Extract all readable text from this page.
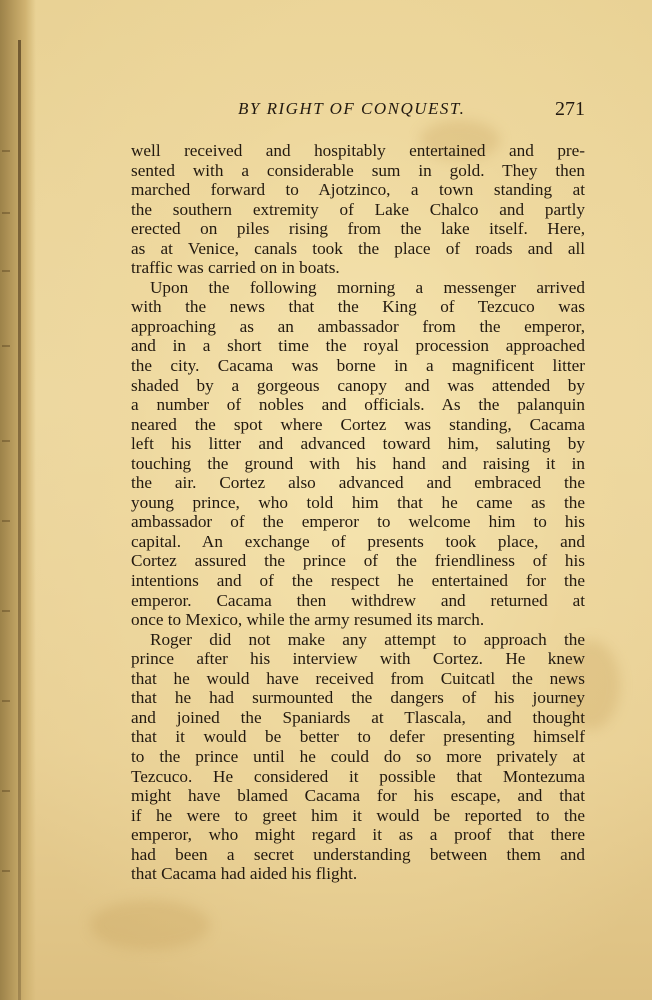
BY RIGHT OF CONQUEST.	271
well received and hospitably entertained and pre-
sented with a considerable sum in gold. They then
marched forward to Ajotzinco, a town standing at
the southern extremity of Lake Chalco and partly
erected on piles rising from the lake itself. Here,
as at Venice, canals took the place of roads and all
traffic was carried on in boats.
Upon the following morning a messenger arrived
with the news that the King of Tezcuco was
approaching as an ambassador from the emperor,
and in a short time the royal procession approached
the city. Cacama was borne in a magnificent litter
shaded by a gorgeous canopy and was attended by
a number of nobles and officials. As the palanquin
neared the spot where Cortez was standing, Cacama
left his litter and advanced toward him, saluting by
touching the ground with his hand and raising it in
the air. Cortez also advanced and embraced the
young prince, who told him that he came as the
ambassador of the emperor to welcome him to his
capital. An exchange of presents took place, and
Cortez assured the prince of the friendliness of his
intentions and of the respect he entertained for the
emperor. Cacama then withdrew and returned at
once to Mexico, while the army resumed its march.
Roger did not make any attempt to approach the
prince after his interview with Cortez. He knew
that he would have received from Cuitcatl the news
that he had surmounted the dangers of his journey
and joined the Spaniards at Tlascala, and thought
that it would be better to defer presenting himself
to the prince until he could do so more privately at
Tezcuco. He considered it possible that Montezuma
might have blamed Cacama for his escape, and that
if he were to greet him it would be reported to the
emperor, who might regard it as a proof that there
had been a secret understanding between them and
that Cacama had aided his flight.
